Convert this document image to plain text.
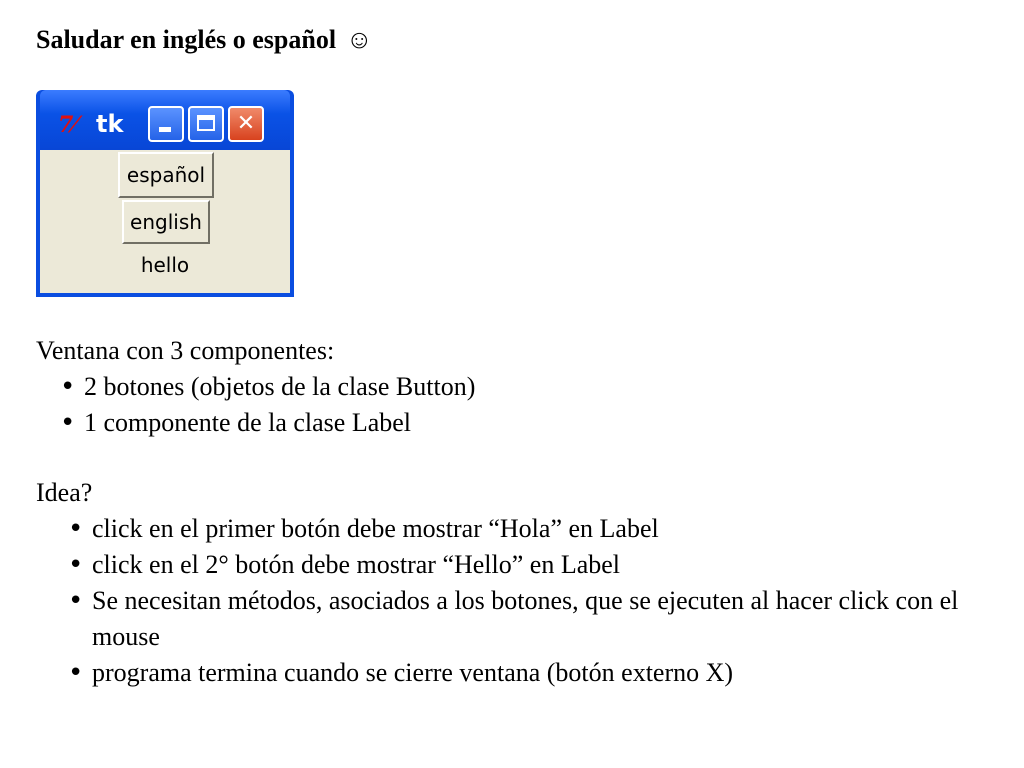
Saludar en inglés o español ☺
7⁄ tk	✕
español
english
hello
Ventana con 3 componentes:
• 2 botones (objetos de la clase Button)
• 1 componente de la clase Label
Idea?
• click en el primer botón debe mostrar “Hola” en Label
• click en el 2° botón debe mostrar “Hello” en Label
• Se necesitan métodos, asociados a los botones, que se ejecuten al hacer click con el mouse
• programa termina cuando se cierre ventana (botón externo X)
